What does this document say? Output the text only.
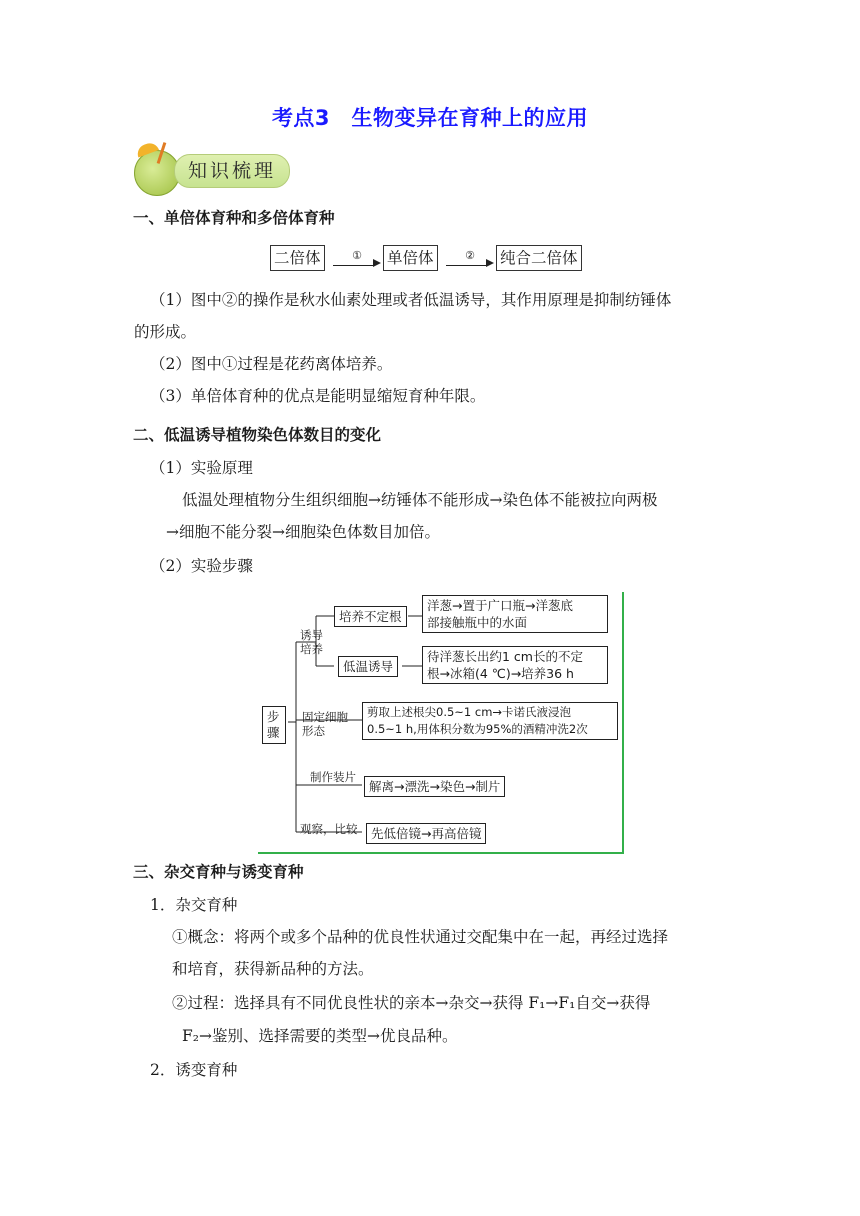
考点3　生物变异在育种上的应用
知识梳理
一、单倍体育种和多倍体育种
二倍体	①	单倍体	②	纯合二倍体
（1）图中②的操作是秋水仙素处理或者低温诱导，其作用原理是抑制纺锤体
的形成。
（2）图中①过程是花药离体培养。
（3）单倍体育种的优点是能明显缩短育种年限。
二、低温诱导植物染色体数目的变化
（1）实验原理
低温处理植物分生组织细胞→纺锤体不能形成→染色体不能被拉向两极
→细胞不能分裂→细胞染色体数目加倍。
（2）实验步骤
步骤
诱导培养
培养不定根
洋葱→置于广口瓶→洋葱底
部接触瓶中的水面
低温诱导
待洋葱长出约1 cm长的不定
根→冰箱(4 ℃)→培养36 h
固定细胞形态
剪取上述根尖0.5~1 cm→卡诺氏液浸泡
0.5~1 h,用体积分数为95%的酒精冲洗2次
制作装片
解离→漂洗→染色→制片
观察，比较	先低倍镜→再高倍镜
三、杂交育种与诱变育种
1．杂交育种
①概念：将两个或多个品种的优良性状通过交配集中在一起，再经过选择
和培育，获得新品种的方法。
②过程：选择具有不同优良性状的亲本→杂交→获得 F₁→F₁自交→获得
F₂→鉴别、选择需要的类型→优良品种。
2．诱变育种
